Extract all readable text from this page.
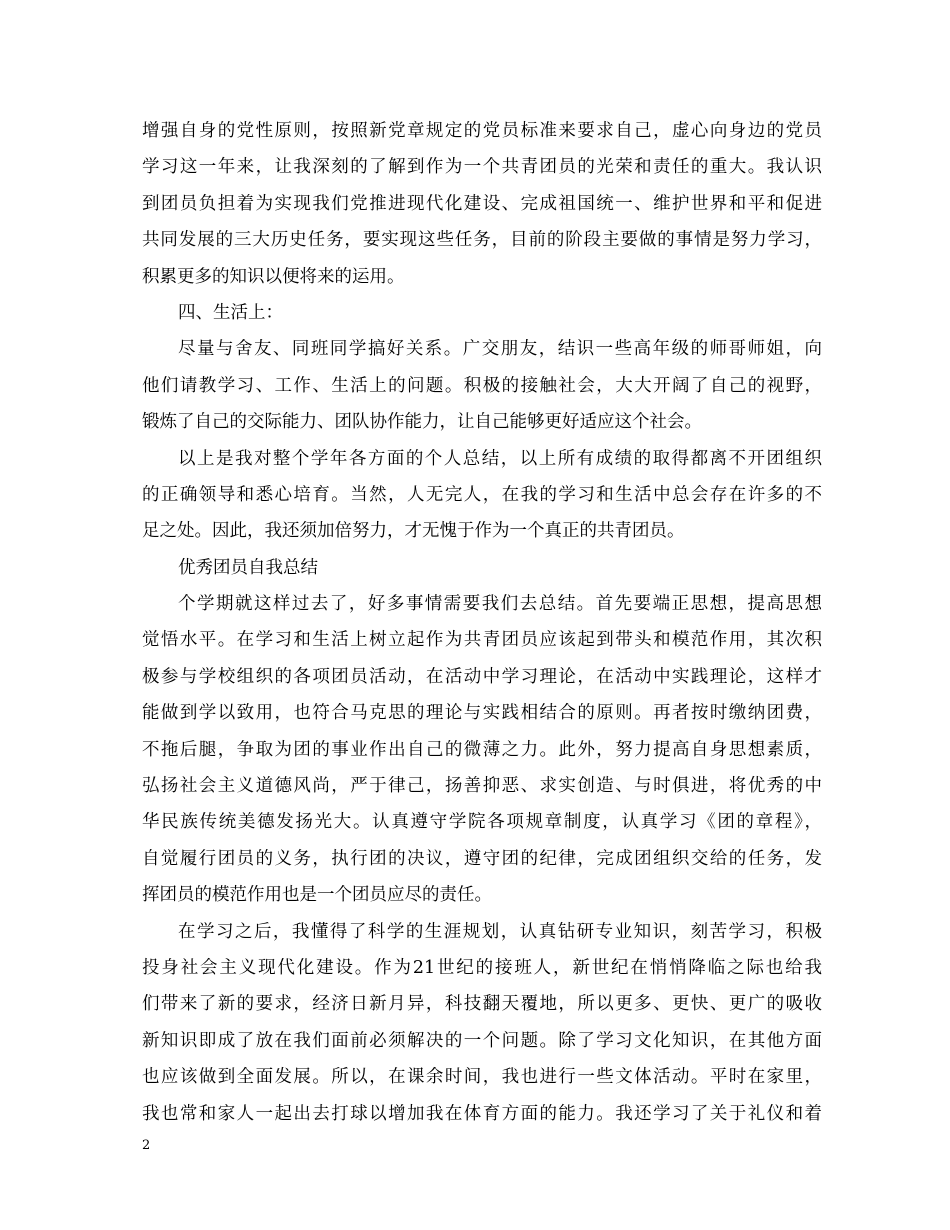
增强自身的党性原则，按照新党章规定的党员标准来要求自己，虚心向身边的党员
学习这一年来，让我深刻的了解到作为一个共青团员的光荣和责任的重大。我认识
到团员负担着为实现我们党推进现代化建设、完成祖国统一、维护世界和平和促进
共同发展的三大历史任务，要实现这些任务，目前的阶段主要做的事情是努力学习，
积累更多的知识以便将来的运用。
四、生活上：
尽量与舍友、同班同学搞好关系。广交朋友，结识一些高年级的师哥师姐，向
他们请教学习、工作、生活上的问题。积极的接触社会，大大开阔了自己的视野，
锻炼了自己的交际能力、团队协作能力，让自己能够更好适应这个社会。
以上是我对整个学年各方面的个人总结，以上所有成绩的取得都离不开团组织
的正确领导和悉心培育。当然，人无完人，在我的学习和生活中总会存在许多的不
足之处。因此，我还须加倍努力，才无愧于作为一个真正的共青团员。
优秀团员自我总结
个学期就这样过去了，好多事情需要我们去总结。首先要端正思想，提高思想
觉悟水平。在学习和生活上树立起作为共青团员应该起到带头和模范作用，其次积
极参与学校组织的各项团员活动，在活动中学习理论，在活动中实践理论，这样才
能做到学以致用，也符合马克思的理论与实践相结合的原则。再者按时缴纳团费，
不拖后腿，争取为团的事业作出自己的微薄之力。此外，努力提高自身思想素质，
弘扬社会主义道德风尚，严于律己，扬善抑恶、求实创造、与时俱进，将优秀的中
华民族传统美德发扬光大。认真遵守学院各项规章制度，认真学习《团的章程》，
自觉履行团员的义务，执行团的决议，遵守团的纪律，完成团组织交给的任务，发
挥团员的模范作用也是一个团员应尽的责任。
在学习之后，我懂得了科学的生涯规划，认真钻研专业知识，刻苦学习，积极
投身社会主义现代化建设。作为21世纪的接班人，新世纪在悄悄降临之际也给我
们带来了新的要求，经济日新月异，科技翻天覆地，所以更多、更快、更广的吸收
新知识即成了放在我们面前必须解决的一个问题。除了学习文化知识，在其他方面
也应该做到全面发展。所以，在课余时间，我也进行一些文体活动。平时在家里，
我也常和家人一起出去打球以增加我在体育方面的能力。我还学习了关于礼仪和着
2
